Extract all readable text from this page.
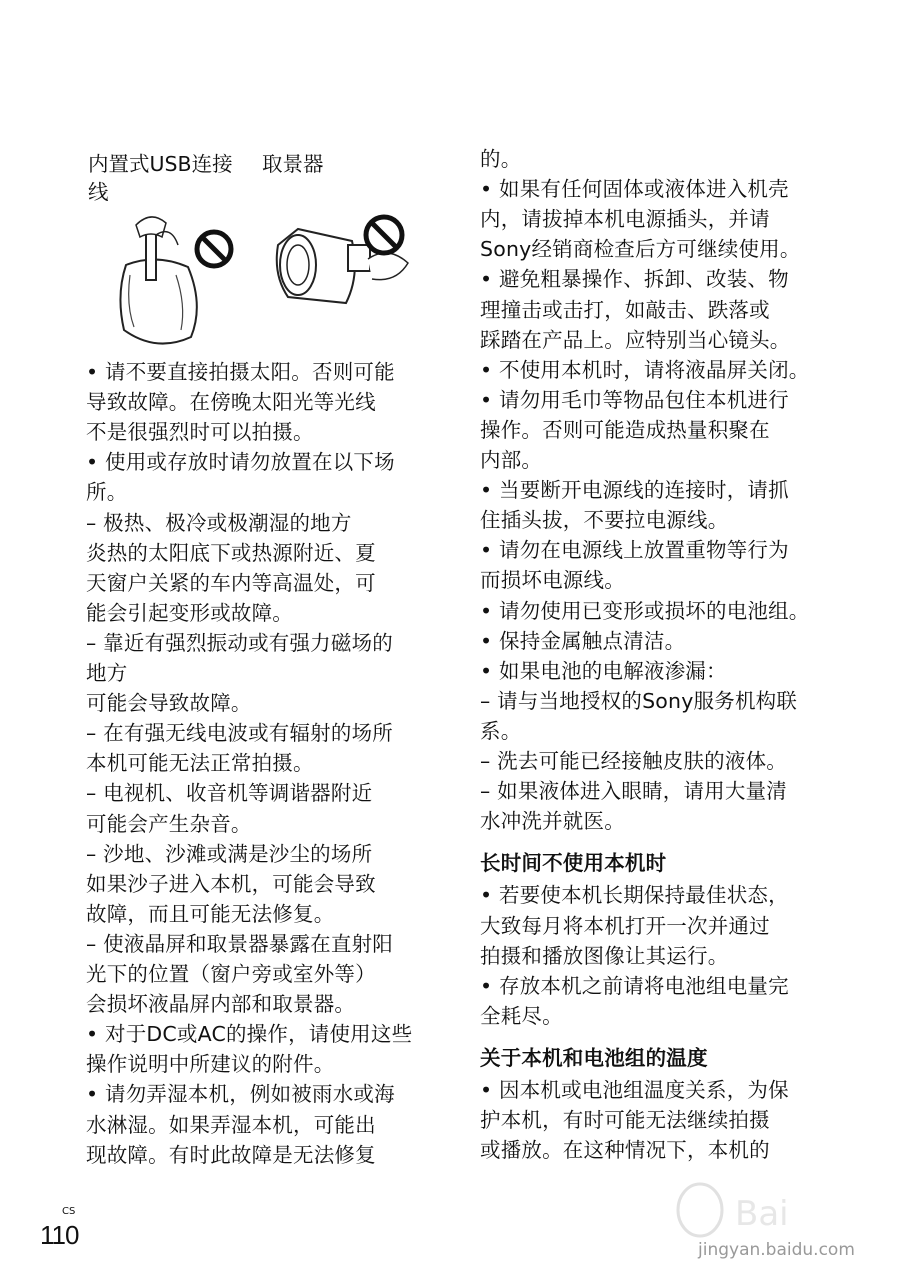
内置式USB连接
线
取景器
• 请不要直接拍摄太阳。否则可能
导致故障。在傍晚太阳光等光线
不是很强烈时可以拍摄。
• 使用或存放时请勿放置在以下场
所。
– 极热、极冷或极潮湿的地方
炎热的太阳底下或热源附近、夏
天窗户关紧的车内等高温处，可
能会引起变形或故障。
– 靠近有强烈振动或有强力磁场的
地方
可能会导致故障。
– 在有强无线电波或有辐射的场所
本机可能无法正常拍摄。
– 电视机、收音机等调谐器附近
可能会产生杂音。
– 沙地、沙滩或满是沙尘的场所
如果沙子进入本机，可能会导致
故障，而且可能无法修复。
– 使液晶屏和取景器暴露在直射阳
光下的位置（窗户旁或室外等）
会损坏液晶屏内部和取景器。
• 对于DC或AC的操作，请使用这些
操作说明中所建议的附件。
• 请勿弄湿本机，例如被雨水或海
水淋湿。如果弄湿本机，可能出
现故障。有时此故障是无法修复
的。
• 如果有任何固体或液体进入机壳
内，请拔掉本机电源插头，并请
Sony经销商检查后方可继续使用。
• 避免粗暴操作、拆卸、改装、物
理撞击或击打，如敲击、跌落或
踩踏在产品上。应特别当心镜头。
• 不使用本机时，请将液晶屏关闭。
• 请勿用毛巾等物品包住本机进行
操作。否则可能造成热量积聚在
内部。
• 当要断开电源线的连接时，请抓
住插头拔，不要拉电源线。
• 请勿在电源线上放置重物等行为
而损坏电源线。
• 请勿使用已变形或损坏的电池组。
• 保持金属触点清洁。
• 如果电池的电解液渗漏：
– 请与当地授权的Sony服务机构联
系。
– 洗去可能已经接触皮肤的液体。
– 如果液体进入眼睛，请用大量清
水冲洗并就医。
长时间不使用本机时
• 若要使本机长期保持最佳状态，
大致每月将本机打开一次并通过
拍摄和播放图像让其运行。
• 存放本机之前请将电池组电量完
全耗尽。
关于本机和电池组的温度
• 因本机或电池组温度关系，为保
护本机，有时可能无法继续拍摄
或播放。在这种情况下，本机的
CS
110
Bai
jingyan.baidu.com
